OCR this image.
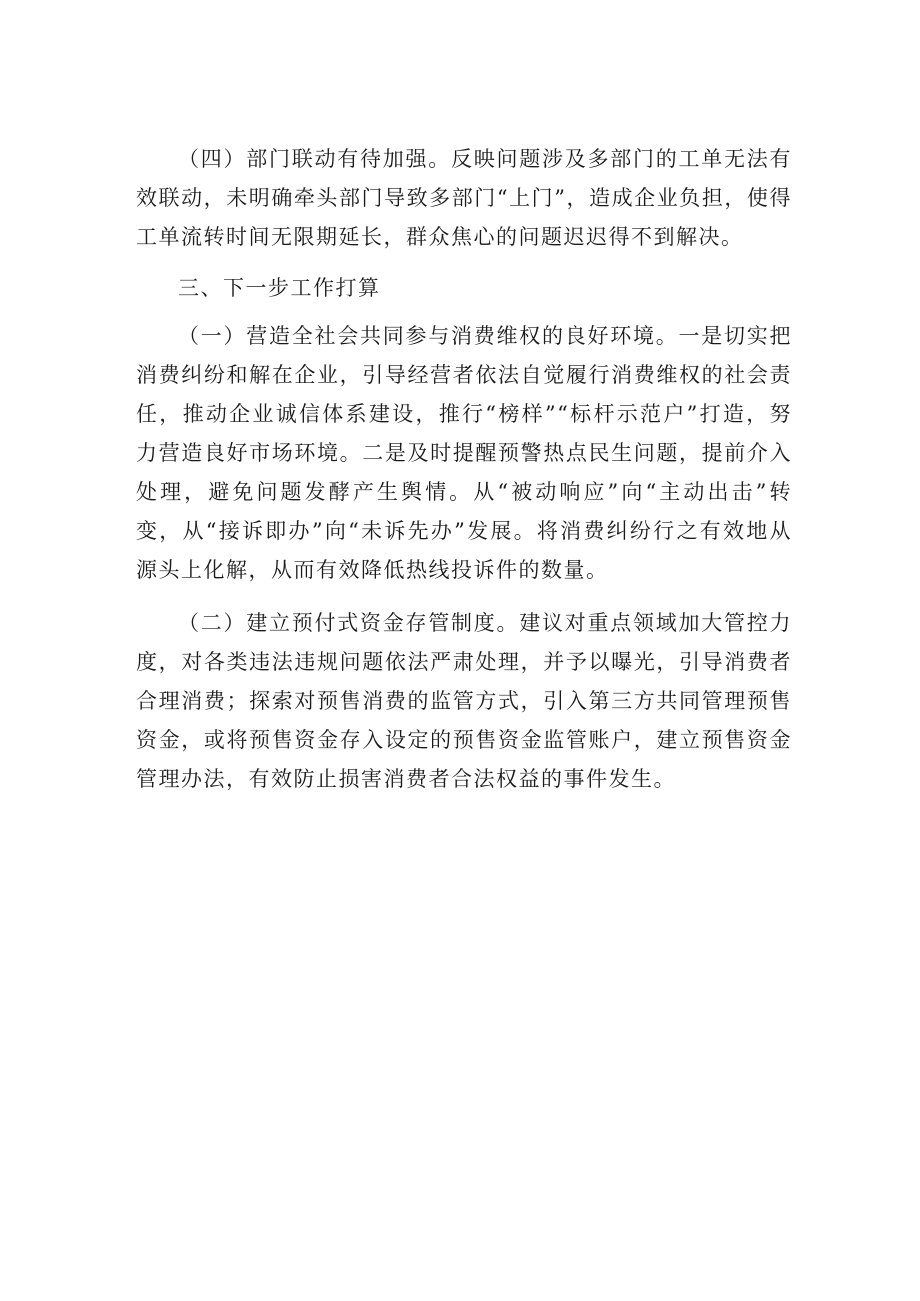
（四）部门联动有待加强。反映问题涉及多部门的工单无法有效联动，未明确牵头部门导致多部门“上门”，造成企业负担，使得工单流转时间无限期延长，群众焦心的问题迟迟得不到解决。

三、下一步工作打算

（一）营造全社会共同参与消费维权的良好环境。一是切实把消费纠纷和解在企业，引导经营者依法自觉履行消费维权的社会责任，推动企业诚信体系建设，推行“榜样”“标杆示范户”打造，努力营造良好市场环境。二是及时提醒预警热点民生问题，提前介入处理，避免问题发酵产生舆情。从“被动响应”向“主动出击”转变，从“接诉即办”向“未诉先办”发展。将消费纠纷行之有效地从源头上化解，从而有效降低热线投诉件的数量。

（二）建立预付式资金存管制度。建议对重点领域加大管控力度，对各类违法违规问题依法严肃处理，并予以曝光，引导消费者合理消费；探索对预售消费的监管方式，引入第三方共同管理预售资金，或将预售资金存入设定的预售资金监管账户，建立预售资金管理办法，有效防止损害消费者合法权益的事件发生。
